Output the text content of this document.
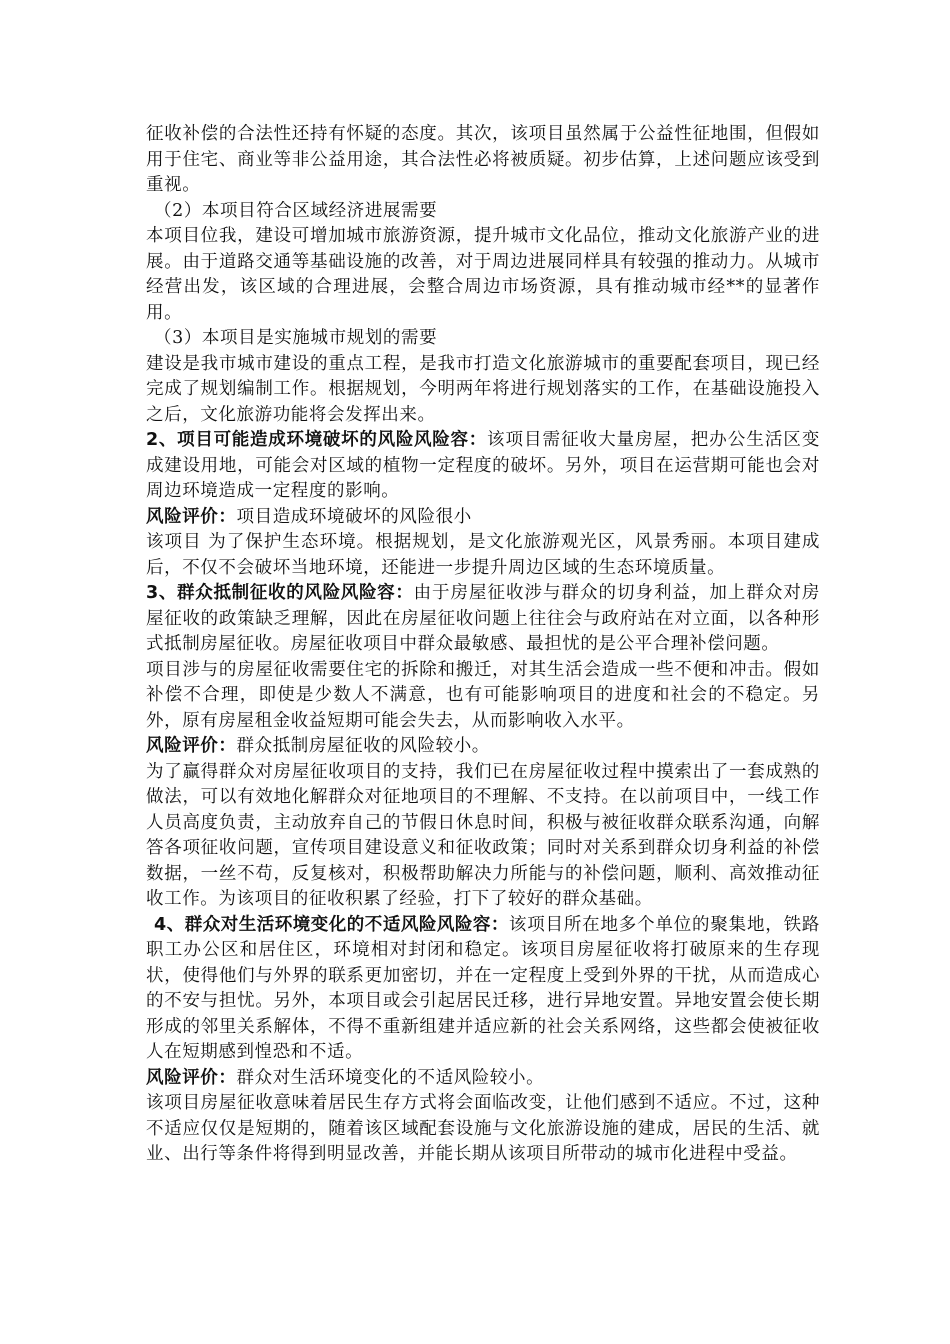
征收补偿的合法性还持有怀疑的态度。其次，该项目虽然属于公益性征地围，但假如用于住宅、商业等非公益用途，其合法性必将被质疑。初步估算，上述问题应该受到重视。

（2）本项目符合区域经济进展需要

本项目位我，建设可增加城市旅游资源，提升城市文化品位，推动文化旅游产业的进展。由于道路交通等基础设施的改善，对于周边进展同样具有较强的推动力。从城市经营出发，该区域的合理进展，会整合周边市场资源，具有推动城市经**的显著作用。

（3）本项目是实施城市规划的需要

建设是我市城市建设的重点工程，是我市打造文化旅游城市的重要配套项目，现已经完成了规划编制工作。根据规划，今明两年将进行规划落实的工作，在基础设施投入之后，文化旅游功能将会发挥出来。

2、项目可能造成环境破坏的风险风险容：该项目需征收大量房屋，把办公生活区变成建设用地，可能会对区域的植物一定程度的破坏。另外，项目在运营期可能也会对周边环境造成一定程度的影响。

风险评价：项目造成环境破坏的风险很小

该项目 为了保护生态环境。根据规划，是文化旅游观光区，风景秀丽。本项目建成后，不仅不会破坏当地环境，还能进一步提升周边区域的生态环境质量。

3、群众抵制征收的风险风险容：由于房屋征收涉与群众的切身利益，加上群众对房屋征收的政策缺乏理解，因此在房屋征收问题上往往会与政府站在对立面，以各种形式抵制房屋征收。房屋征收项目中群众最敏感、最担忧的是公平合理补偿问题。

项目涉与的房屋征收需要住宅的拆除和搬迁，对其生活会造成一些不便和冲击。假如补偿不合理，即使是少数人不满意，也有可能影响项目的进度和社会的不稳定。另外，原有房屋租金收益短期可能会失去，从而影响收入水平。

风险评价：群众抵制房屋征收的风险较小。

为了赢得群众对房屋征收项目的支持，我们已在房屋征收过程中摸索出了一套成熟的做法，可以有效地化解群众对征地项目的不理解、不支持。在以前项目中，一线工作人员高度负责，主动放弃自己的节假日休息时间，积极与被征收群众联系沟通，向解答各项征收问题，宣传项目建设意义和征收政策；同时对关系到群众切身利益的补偿数据，一丝不苟，反复核对，积极帮助解决力所能与的补偿问题，顺利、高效推动征收工作。为该项目的征收积累了经验，打下了较好的群众基础。

4、群众对生活环境变化的不适风险风险容：该项目所在地多个单位的聚集地，铁路职工办公区和居住区，环境相对封闭和稳定。该项目房屋征收将打破原来的生存现状，使得他们与外界的联系更加密切，并在一定程度上受到外界的干扰，从而造成心的不安与担忧。另外，本项目或会引起居民迁移，进行异地安置。异地安置会使长期形成的邻里关系解体，不得不重新组建并适应新的社会关系网络，这些都会使被征收人在短期感到惶恐和不适。

风险评价：群众对生活环境变化的不适风险较小。

该项目房屋征收意味着居民生存方式将会面临改变，让他们感到不适应。不过，这种不适应仅仅是短期的，随着该区域配套设施与文化旅游设施的建成，居民的生活、就业、出行等条件将得到明显改善，并能长期从该项目所带动的城市化进程中受益。
